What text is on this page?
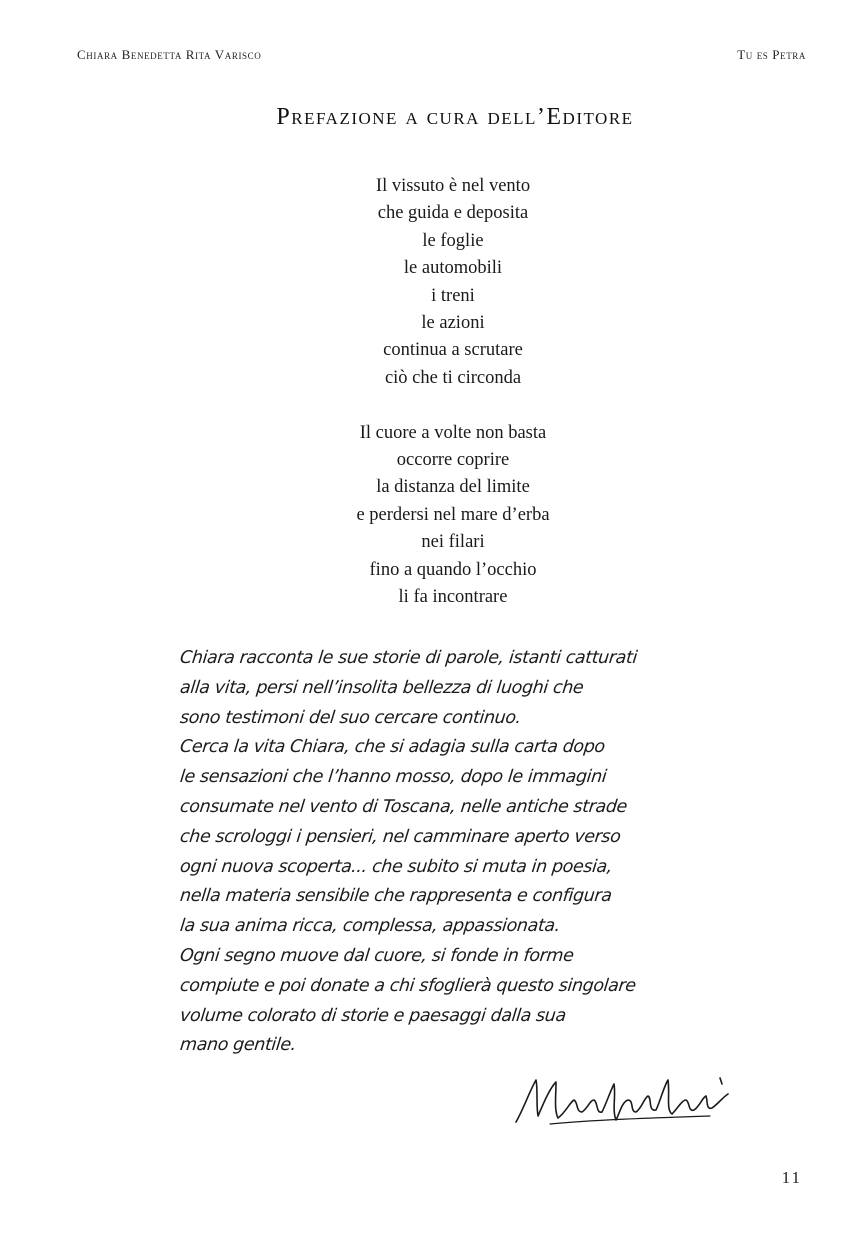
Chiara Benedetta Rita Varisco	Tu es Petra
Prefazione a cura dell’Editore

Il vissuto è nel vento
che guida e deposita
le foglie
le automobili
i treni
le azioni
continua a scrutare
ciò che ti circonda

Il cuore a volte non basta
occorre coprire
la distanza del limite
e perdersi nel mare d’erba
nei filari
fino a quando l’occhio
li fa incontrare

Chiara racconta le sue storie di parole, istanti catturati
alla vita, persi nell’insolita bellezza di luoghi che
sono testimoni del suo cercare continuo.
Cerca la vita Chiara, che si adagia sulla carta dopo
le sensazioni che l’hanno mosso, dopo le immagini
consumate nel vento di Toscana, nelle antiche strade
che scrologgi i pensieri, nel camminare aperto verso
ogni nuova scoperta... che subito si muta in poesia,
nella materia sensibile che rappresenta e configura
la sua anima ricca, complessa, appassionata.
Ogni segno muove dal cuore, si fonde in forme
compiute e poi donate a chi sfoglierà questo singolare
volume colorato di storie e paesaggi dalla sua
mano gentile.
11
